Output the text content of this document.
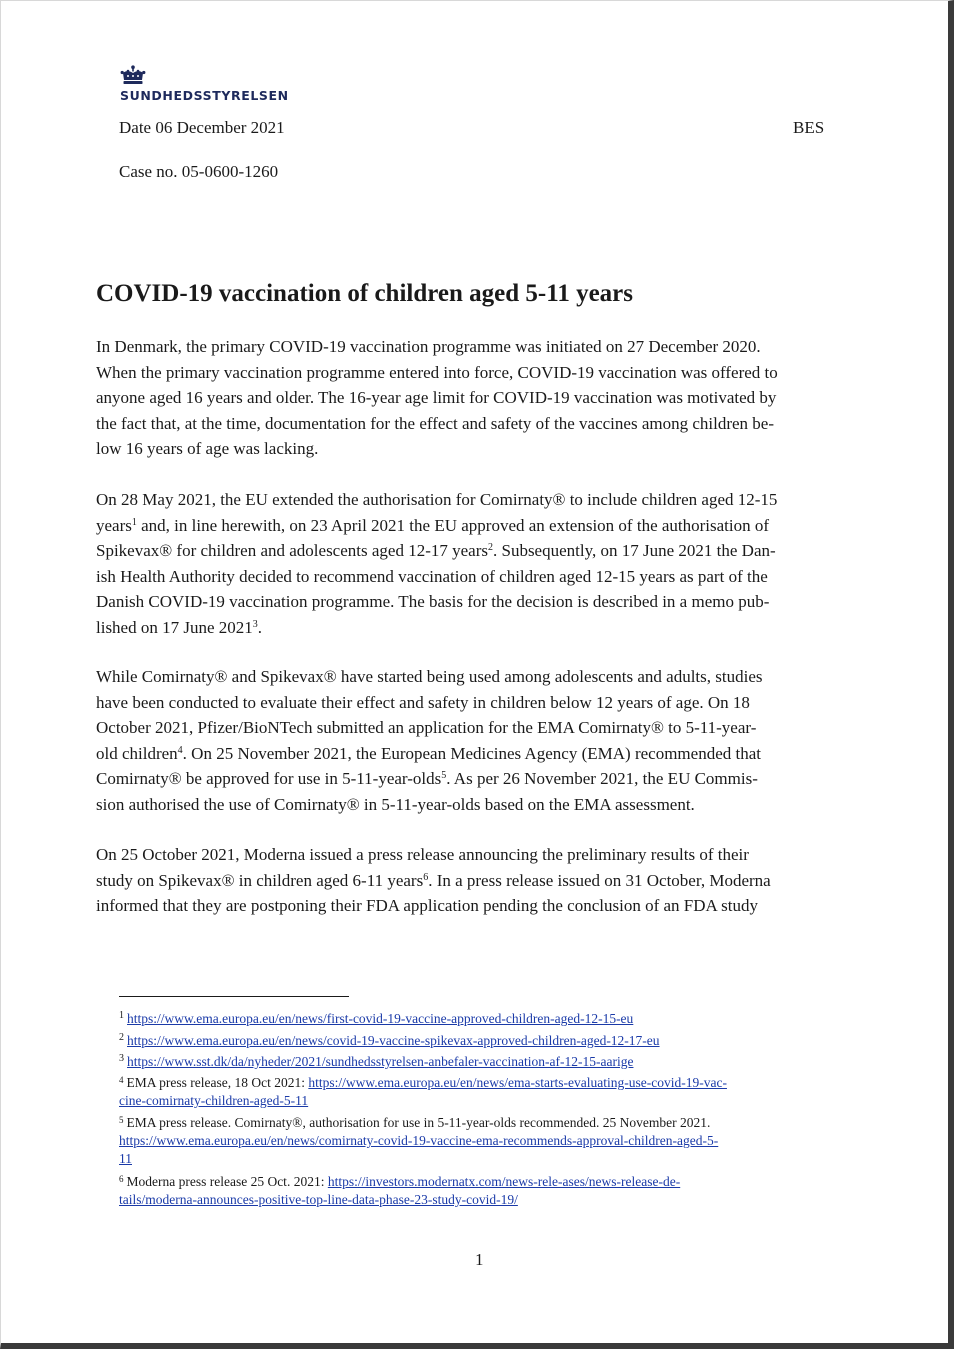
SUNDHEDSSTYRELSEN
Date 06 December 2021	BES
Case no. 05-0600-1260
COVID-19 vaccination of children aged 5-11 years

In Denmark, the primary COVID-19 vaccination programme was initiated on 27 December 2020.
When the primary vaccination programme entered into force, COVID-19 vaccination was offered to
anyone aged 16 years and older. The 16-year age limit for COVID-19 vaccination was motivated by
the fact that, at the time, documentation for the effect and safety of the vaccines among children be-
low 16 years of age was lacking.

On 28 May 2021, the EU extended the authorisation for Comirnaty® to include children aged 12-15
years$^1$ and, in line herewith, on 23 April 2021 the EU approved an extension of the authorisation of
Spikevax® for children and adolescents aged 12-17 years$^2$. Subsequently, on 17 June 2021 the Dan-
ish Health Authority decided to recommend vaccination of children aged 12-15 years as part of the
Danish COVID-19 vaccination programme. The basis for the decision is described in a memo pub-
lished on 17 June 2021$^3$.

While Comirnaty® and Spikevax® have started being used among adolescents and adults, studies
have been conducted to evaluate their effect and safety in children below 12 years of age. On 18
October 2021, Pfizer/BioNTech submitted an application for the EMA Comirnaty® to 5-11-year-
old children$^4$. On 25 November 2021, the European Medicines Agency (EMA) recommended that
Comirnaty® be approved for use in 5-11-year-olds$^5$. As per 26 November 2021, the EU Commis-
sion authorised the use of Comirnaty® in 5-11-year-olds based on the EMA assessment.

On 25 October 2021, Moderna issued a press release announcing the preliminary results of their
study on Spikevax® in children aged 6-11 years$^6$. In a press release issued on 31 October, Moderna
informed that they are postponing their FDA application pending the conclusion of an FDA study

$^1$ https://www.ema.europa.eu/en/news/first-covid-19-vaccine-approved-children-aged-12-15-eu

$^2$ https://www.ema.europa.eu/en/news/covid-19-vaccine-spikevax-approved-children-aged-12-17-eu

$^3$ https://www.sst.dk/da/nyheder/2021/sundhedsstyrelsen-anbefaler-vaccination-af-12-15-aarige

$^4$ EMA press release, 18 Oct 2021: https://www.ema.europa.eu/en/news/ema-starts-evaluating-use-covid-19-vac-
cine-comirnaty-children-aged-5-11

$^5$ EMA press release. Comirnaty®, authorisation for use in 5-11-year-olds recommended. 25 November 2021.
https://www.ema.europa.eu/en/news/comirnaty-covid-19-vaccine-ema-recommends-approval-children-aged-5-
11

$^6$ Moderna press release 25 Oct. 2021: https://investors.modernatx.com/news-rele-ases/news-release-de-
tails/moderna-announces-positive-top-line-data-phase-23-study-covid-19/

1
